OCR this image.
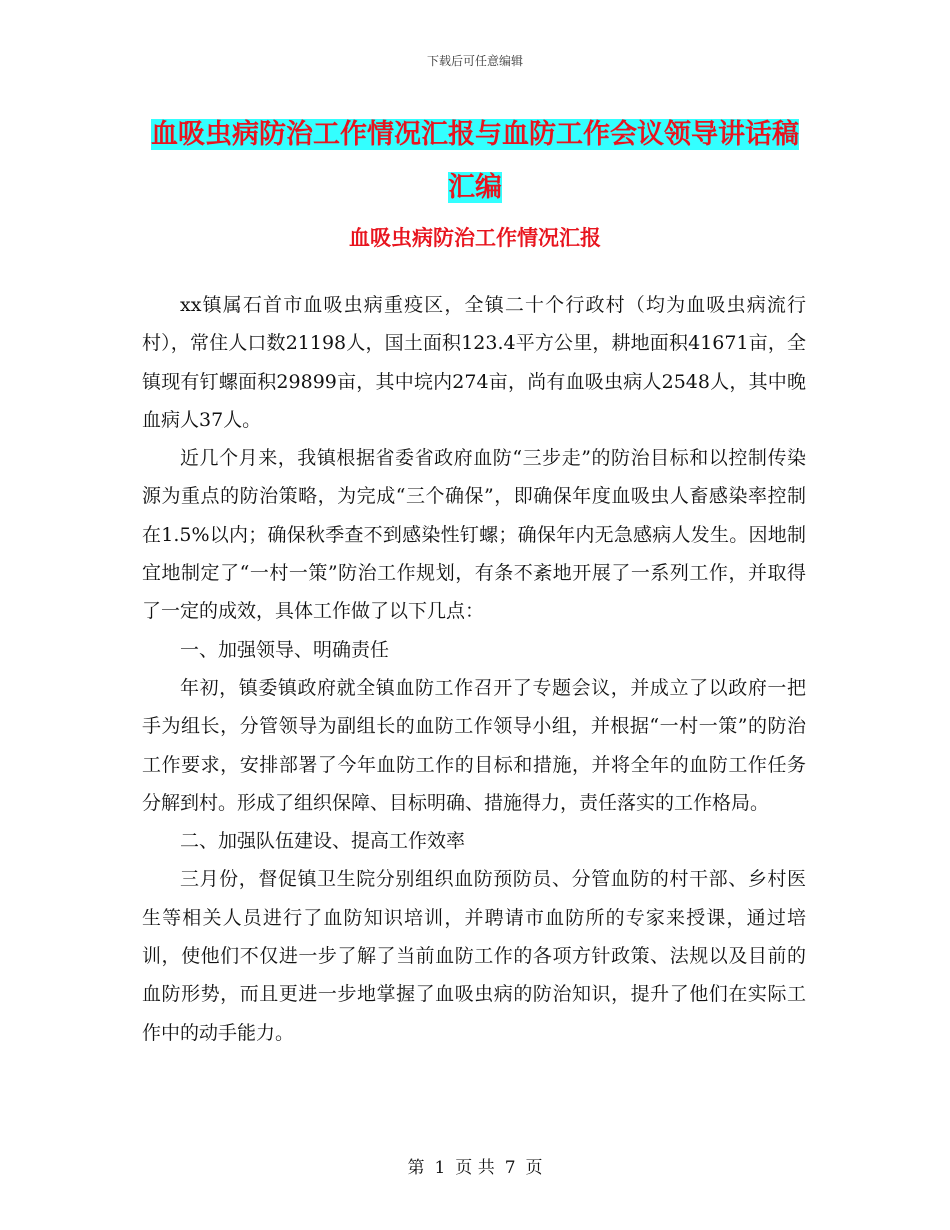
下载后可任意编辑
血吸虫病防治工作情况汇报与血防工作会议领导讲话稿汇编
血吸虫病防治工作情况汇报

xx镇属石首市血吸虫病重疫区，全镇二十个行政村（均为血吸虫病流行村），常住人口数21198人，国土面积123.4平方公里，耕地面积41671亩，全镇现有钉螺面积29899亩，其中垸内274亩，尚有血吸虫病人2548人，其中晚血病人37人。

近几个月来，我镇根据省委省政府血防“三步走”的防治目标和以控制传染源为重点的防治策略，为完成“三个确保”，即确保年度血吸虫人畜感染率控制在1.5%以内；确保秋季查不到感染性钉螺；确保年内无急感病人发生。因地制宜地制定了“一村一策”防治工作规划，有条不紊地开展了一系列工作，并取得了一定的成效，具体工作做了以下几点：

一、加强领导、明确责任

年初，镇委镇政府就全镇血防工作召开了专题会议，并成立了以政府一把手为组长，分管领导为副组长的血防工作领导小组，并根据“一村一策”的防治工作要求，安排部署了今年血防工作的目标和措施，并将全年的血防工作任务分解到村。形成了组织保障、目标明确、措施得力，责任落实的工作格局。

二、加强队伍建设、提高工作效率

三月份，督促镇卫生院分别组织血防预防员、分管血防的村干部、乡村医生等相关人员进行了血防知识培训，并聘请市血防所的专家来授课，通过培训，使他们不仅进一步了解了当前血防工作的各项方针政策、法规以及目前的血防形势，而且更进一步地掌握了血吸虫病的防治知识，提升了他们在实际工作中的动手能力。

第 1 页 共 7 页
